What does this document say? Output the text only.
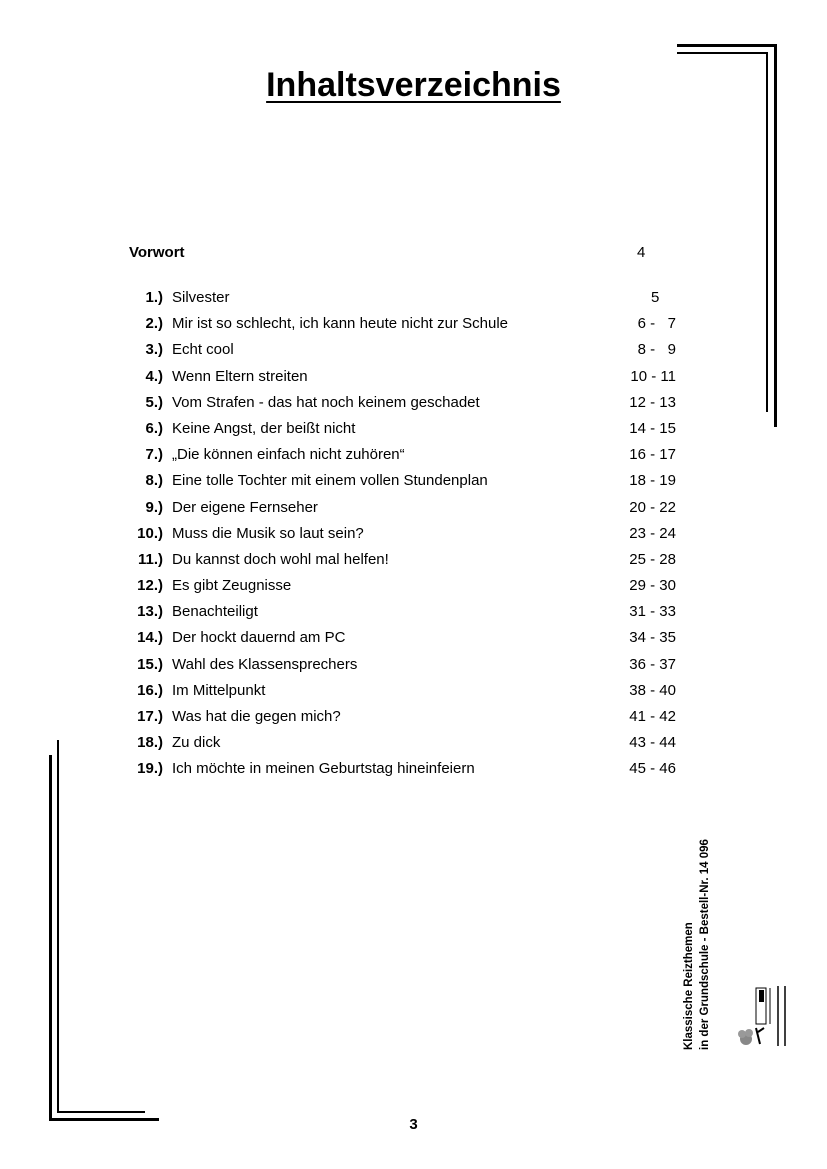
Inhaltsverzeichnis
Vorwort	4
1.) Silvester	5
2.) Mir ist so schlecht, ich kann heute nicht zur Schule	6 -   7
3.) Echt cool	8 -   9
4.) Wenn Eltern streiten	10 - 11
5.) Vom Strafen - das hat noch keinem geschadet	12 - 13
6.) Keine Angst, der beißt nicht	14 - 15
7.) „Die können einfach nicht zuhören“	16 - 17
8.) Eine tolle Tochter mit einem vollen Stundenplan	18 - 19
9.) Der eigene Fernseher	20 - 22
10.) Muss die Musik so laut sein?	23 - 24
11.) Du kannst doch wohl mal helfen!	25 - 28
12.) Es gibt Zeugnisse	29 - 30
13.) Benachteiligt	31 - 33
14.) Der hockt dauernd am PC	34 - 35
15.) Wahl des Klassensprechers	36 - 37
16.) Im Mittelpunkt	38 - 40
17.) Was hat die gegen mich?	41 - 42
18.) Zu dick	43 - 44
19.) Ich möchte in meinen Geburtstag hineinfeiern	45 - 46
3
Klassische Reizthemen in der Grundschule - Bestell-Nr. 14 096
